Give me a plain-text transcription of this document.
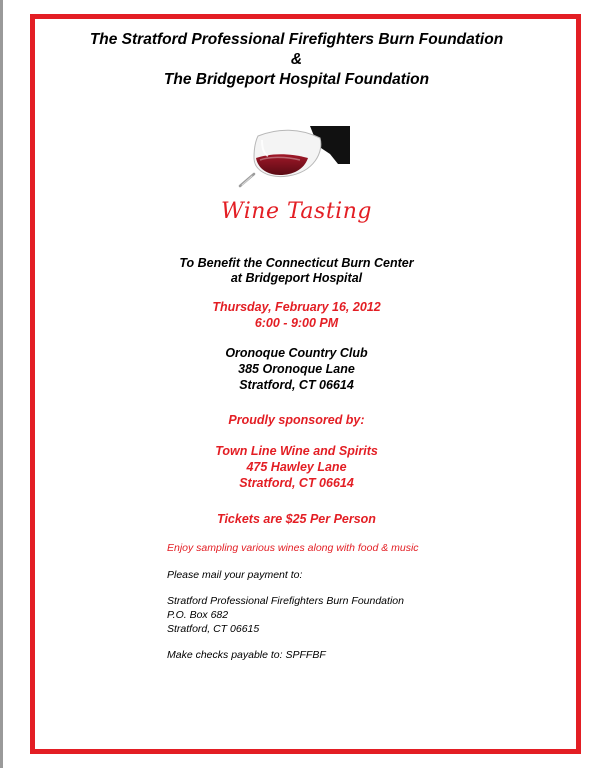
The Stratford Professional Firefighters Burn Foundation
&
The Bridgeport Hospital Foundation
Wine Tasting
To Benefit the Connecticut Burn Center
at Bridgeport Hospital
Thursday, February 16, 2012
6:00 - 9:00 PM
Oronoque Country Club
385 Oronoque Lane
Stratford, CT 06614
Proudly sponsored by:
Town Line Wine and Spirits
475 Hawley Lane
Stratford, CT 06614
Tickets are $25 Per Person
Enjoy sampling various wines along with food & music
Please mail your payment to:
Stratford Professional Firefighters Burn Foundation
P.O. Box 682
Stratford, CT 06615
Make checks payable to: SPFFBF
